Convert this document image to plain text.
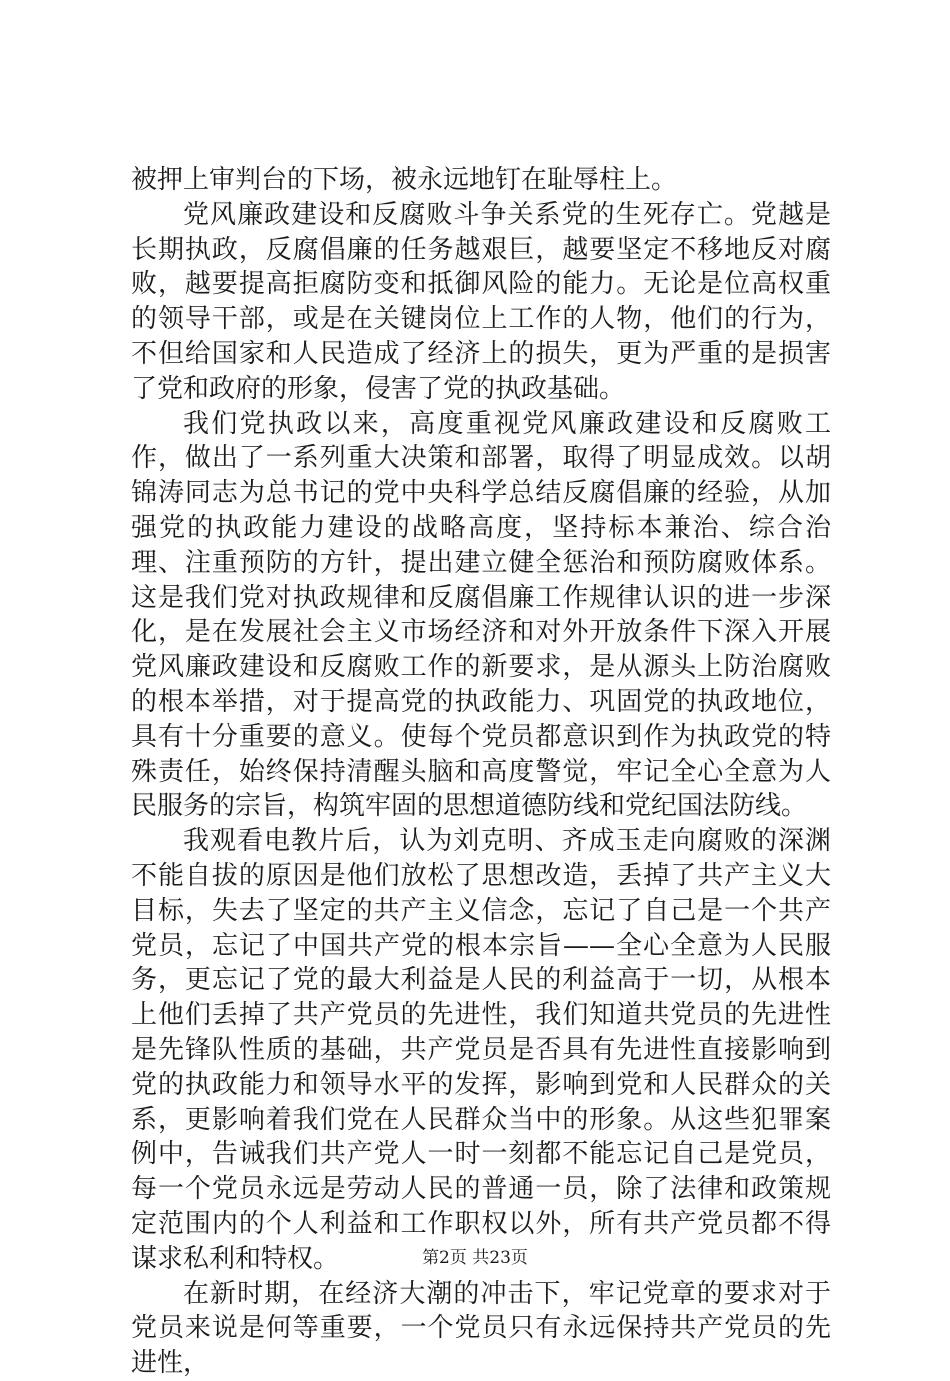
被押上审判台的下场，被永远地钉在耻辱柱上。

党风廉政建设和反腐败斗争关系党的生死存亡。党越是长期执政，反腐倡廉的任务越艰巨，越要坚定不移地反对腐败，越要提高拒腐防变和抵御风险的能力。无论是位高权重的领导干部，或是在关键岗位上工作的人物，他们的行为，不但给国家和人民造成了经济上的损失，更为严重的是损害了党和政府的形象，侵害了党的执政基础。

我们党执政以来，高度重视党风廉政建设和反腐败工作，做出了一系列重大决策和部署，取得了明显成效。以胡锦涛同志为总书记的党中央科学总结反腐倡廉的经验，从加强党的执政能力建设的战略高度，坚持标本兼治、综合治理、注重预防的方针，提出建立健全惩治和预防腐败体系。这是我们党对执政规律和反腐倡廉工作规律认识的进一步深化，是在发展社会主义市场经济和对外开放条件下深入开展党风廉政建设和反腐败工作的新要求，是从源头上防治腐败的根本举措，对于提高党的执政能力、巩固党的执政地位，具有十分重要的意义。使每个党员都意识到作为执政党的特殊责任，始终保持清醒头脑和高度警觉，牢记全心全意为人民服务的宗旨，构筑牢固的思想道德防线和党纪国法防线。

我观看电教片后，认为刘克明、齐成玉走向腐败的深渊不能自拔的原因是他们放松了思想改造，丢掉了共产主义大目标，失去了坚定的共产主义信念，忘记了自己是一个共产党员，忘记了中国共产党的根本宗旨——全心全意为人民服务，更忘记了党的最大利益是人民的利益高于一切，从根本上他们丢掉了共产党员的先进性，我们知道共党员的先进性是先锋队性质的基础，共产党员是否具有先进性直接影响到党的执政能力和领导水平的发挥，影响到党和人民群众的关系，更影响着我们党在人民群众当中的形象。从这些犯罪案例中，告诫我们共产党人一时一刻都不能忘记自己是党员，每一个党员永远是劳动人民的普通一员，除了法律和政策规定范围内的个人利益和工作职权以外，所有共产党员都不得谋求私利和特权。

在新时期，在经济大潮的冲击下，牢记党章的要求对于党员来说是何等重要，一个党员只有永远保持共产党员的先进性，

第2页 共23页
